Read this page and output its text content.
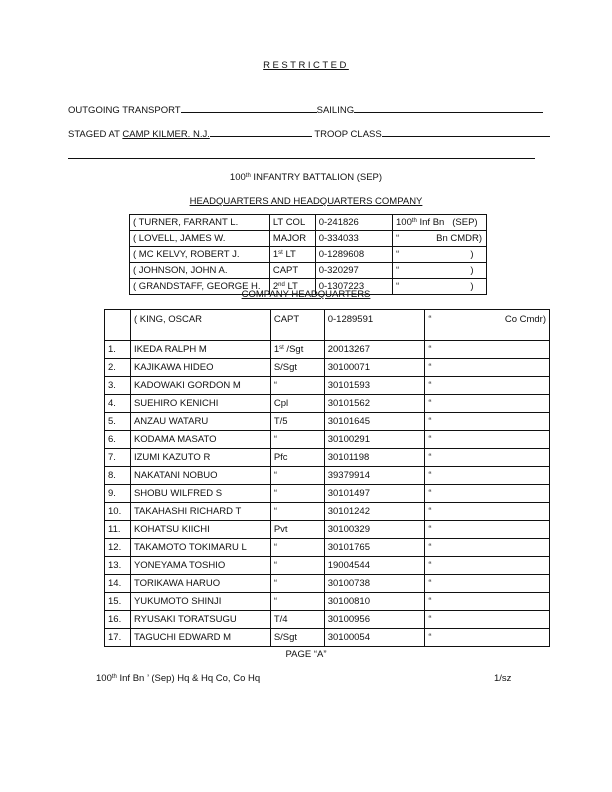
RESTRICTED
OUTGOING TRANSPORT	SAILING
STAGED AT CAMP KILMER. N.J.	TROOP CLASS
100th INFANTRY BATTALION (SEP)
HEADQUARTERS AND HEADQUARTERS COMPANY
( TURNER, FARRANT L.	LT COL	0-241826	100th Inf Bn   (SEP)
( LOVELL, JAMES W.	MAJOR	0-334033	“              Bn CMDR)
( MC KELVY, ROBERT J.	1st LT	0-1289608	“                           )
( JOHNSON, JOHN A.	CAPT	0-320297	“                           )
( GRANDSTAFF, GEORGE H.	2nd LT	0-1307223	“                           )
COMPANY HEADQUARTERS
	( KING, OSCAR	CAPT	0-1289591	“ Co Cmdr)

1.	IKEDA RALPH M	1st /Sgt	20013267	“
2.	KAJIKAWA HIDEO	S/Sgt	30100071	“
3.	KADOWAKI GORDON M	“	30101593	“
4.	SUEHIRO KENICHI	Cpl	30101562	“
5.	ANZAU WATARU	T/5	30101645	“
6.	KODAMA MASATO	“	30100291	“
7.	IZUMI KAZUTO R	Pfc	30101198	“
8.	NAKATANI NOBUO	“	39379914	“
9.	SHOBU WILFRED S	“	30101497	“
10.	TAKAHASHI RICHARD T	“	30101242	“
11.	KOHATSU KIICHI	Pvt	30100329	“
12.	TAKAMOTO TOKIMARU L	“	30101765	“
13.	YONEYAMA TOSHIO	“	19004544	“
14.	TORIKAWA HARUO	“	30100738	“
15.	YUKUMOTO SHINJI	“	30100810	“
16.	RYUSAKI TORATSUGU	T/4	30100956	“
17.	TAGUCHI EDWARD M	S/Sgt	30100054	“
PAGE “A”
100th Inf Bn ’ (Sep) Hq & Hq Co, Co Hq	1/sz
